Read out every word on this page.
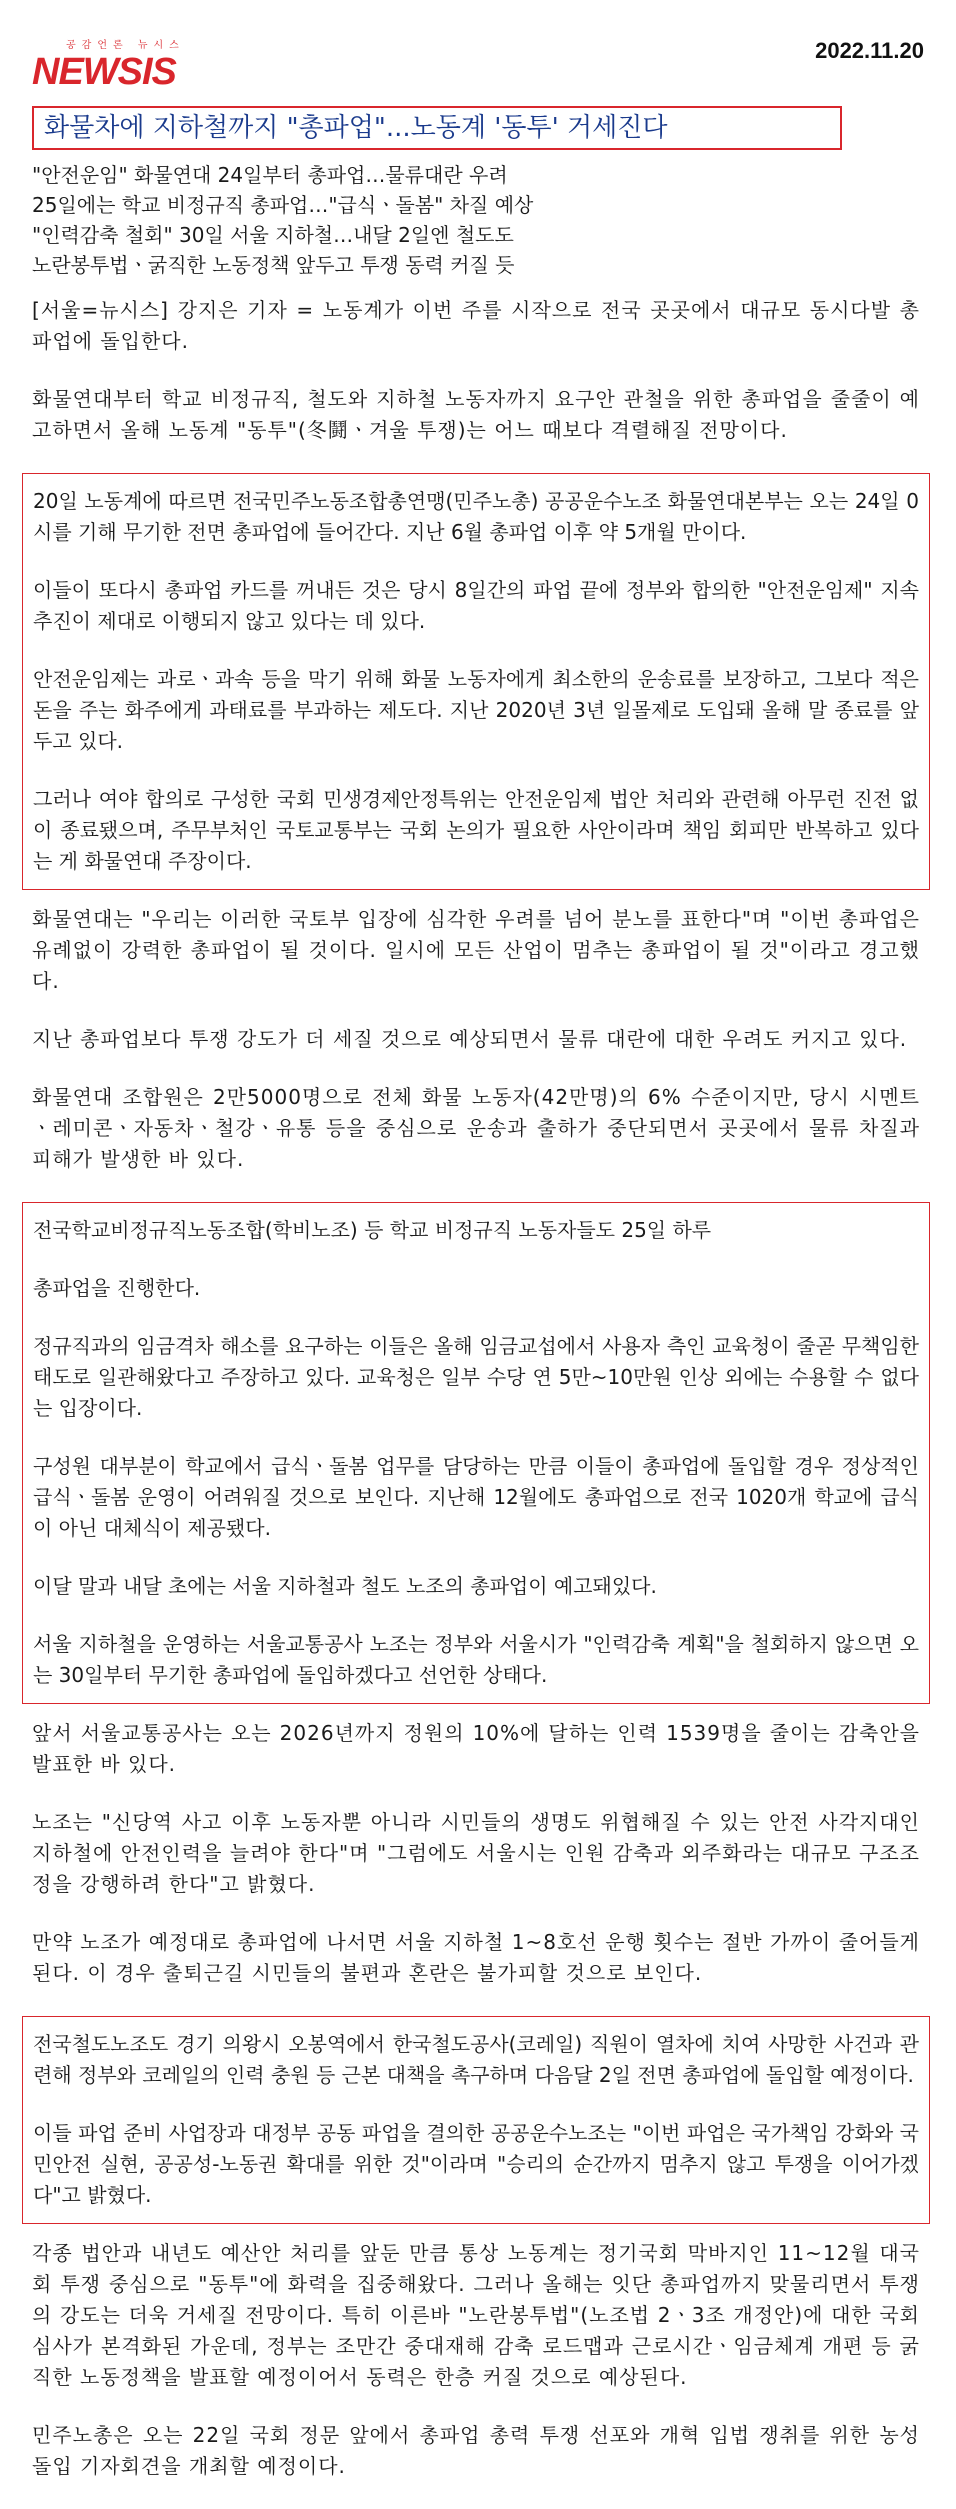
공감언론 뉴시스
NEWSIS
2022.11.20
화물차에 지하철까지 "총파업"...노동계 '동투' 거세진다
"안전운임" 화물연대 24일부터 총파업…물류대란 우려
25일에는 학교 비정규직 총파업…"급식ㆍ돌봄" 차질 예상
"인력감축 철회" 30일 서울 지하철…내달 2일엔 철도도
노란봉투법ㆍ굵직한 노동정책 앞두고 투쟁 동력 커질 듯

[서울=뉴시스] 강지은 기자 = 노동계가 이번 주를 시작으로 전국 곳곳에서 대규모 동시다발 총파업에 돌입한다.

화물연대부터 학교 비정규직, 철도와 지하철 노동자까지 요구안 관철을 위한 총파업을 줄줄이 예고하면서 올해 노동계 "동투"(冬鬪ㆍ겨울 투쟁)는 어느 때보다 격렬해질 전망이다.

20일 노동계에 따르면 전국민주노동조합총연맹(민주노총) 공공운수노조 화물연대본부는 오는 24일 0시를 기해 무기한 전면 총파업에 들어간다. 지난 6월 총파업 이후 약 5개월 만이다.

이들이 또다시 총파업 카드를 꺼내든 것은 당시 8일간의 파업 끝에 정부와 합의한 "안전운임제" 지속 추진이 제대로 이행되지 않고 있다는 데 있다.

안전운임제는 과로ㆍ과속 등을 막기 위해 화물 노동자에게 최소한의 운송료를 보장하고, 그보다 적은 돈을 주는 화주에게 과태료를 부과하는 제도다. 지난 2020년 3년 일몰제로 도입돼 올해 말 종료를 앞두고 있다.

그러나 여야 합의로 구성한 국회 민생경제안정특위는 안전운임제 법안 처리와 관련해 아무런 진전 없이 종료됐으며, 주무부처인 국토교통부는 국회 논의가 필요한 사안이라며 책임 회피만 반복하고 있다는 게 화물연대 주장이다.

화물연대는 "우리는 이러한 국토부 입장에 심각한 우려를 넘어 분노를 표한다"며 "이번 총파업은 유례없이 강력한 총파업이 될 것이다. 일시에 모든 산업이 멈추는 총파업이 될 것"이라고 경고했다.

지난 총파업보다 투쟁 강도가 더 세질 것으로 예상되면서 물류 대란에 대한 우려도 커지고 있다.

화물연대 조합원은 2만5000명으로 전체 화물 노동자(42만명)의 6% 수준이지만, 당시 시멘트ㆍ레미콘ㆍ자동차ㆍ철강ㆍ유통 등을 중심으로 운송과 출하가 중단되면서 곳곳에서 물류 차질과 피해가 발생한 바 있다.

전국학교비정규직노동조합(학비노조) 등 학교 비정규직 노동자들도 25일 하루

총파업을 진행한다.

정규직과의 임금격차 해소를 요구하는 이들은 올해 임금교섭에서 사용자 측인 교육청이 줄곧 무책임한 태도로 일관해왔다고 주장하고 있다. 교육청은 일부 수당 연 5만~10만원 인상 외에는 수용할 수 없다는 입장이다.

구성원 대부분이 학교에서 급식ㆍ돌봄 업무를 담당하는 만큼 이들이 총파업에 돌입할 경우 정상적인 급식ㆍ돌봄 운영이 어려워질 것으로 보인다. 지난해 12월에도 총파업으로 전국 1020개 학교에 급식이 아닌 대체식이 제공됐다.

이달 말과 내달 초에는 서울 지하철과 철도 노조의 총파업이 예고돼있다.

서울 지하철을 운영하는 서울교통공사 노조는 정부와 서울시가 "인력감축 계획"을 철회하지 않으면 오는 30일부터 무기한 총파업에 돌입하겠다고 선언한 상태다.

앞서 서울교통공사는 오는 2026년까지 정원의 10%에 달하는 인력 1539명을 줄이는 감축안을 발표한 바 있다.

노조는 "신당역 사고 이후 노동자뿐 아니라 시민들의 생명도 위협해질 수 있는 안전 사각지대인 지하철에 안전인력을 늘려야 한다"며 "그럼에도 서울시는 인원 감축과 외주화라는 대규모 구조조정을 강행하려 한다"고 밝혔다.

만약 노조가 예정대로 총파업에 나서면 서울 지하철 1~8호선 운행 횟수는 절반 가까이 줄어들게 된다. 이 경우 출퇴근길 시민들의 불편과 혼란은 불가피할 것으로 보인다.

전국철도노조도 경기 의왕시 오봉역에서 한국철도공사(코레일) 직원이 열차에 치여 사망한 사건과 관련해 정부와 코레일의 인력 충원 등 근본 대책을 촉구하며 다음달 2일 전면 총파업에 돌입할 예정이다.

이들 파업 준비 사업장과 대정부 공동 파업을 결의한 공공운수노조는 "이번 파업은 국가책임 강화와 국민안전 실현, 공공성-노동권 확대를 위한 것"이라며 "승리의 순간까지 멈추지 않고 투쟁을 이어가겠다"고 밝혔다.

각종 법안과 내년도 예산안 처리를 앞둔 만큼 통상 노동계는 정기국회 막바지인 11~12월 대국회 투쟁 중심으로 "동투"에 화력을 집중해왔다. 그러나 올해는 잇단 총파업까지 맞물리면서 투쟁의 강도는 더욱 거세질 전망이다. 특히 이른바 "노란봉투법"(노조법 2ㆍ3조 개정안)에 대한 국회 심사가 본격화된 가운데, 정부는 조만간 중대재해 감축 로드맵과 근로시간ㆍ임금체계 개편 등 굵직한 노동정책을 발표할 예정이어서 동력은 한층 커질 것으로 예상된다.

민주노총은 오는 22일 국회 정문 앞에서 총파업 총력 투쟁 선포와 개혁 입법 쟁취를 위한 농성 돌입 기자회견을 개최할 예정이다.
